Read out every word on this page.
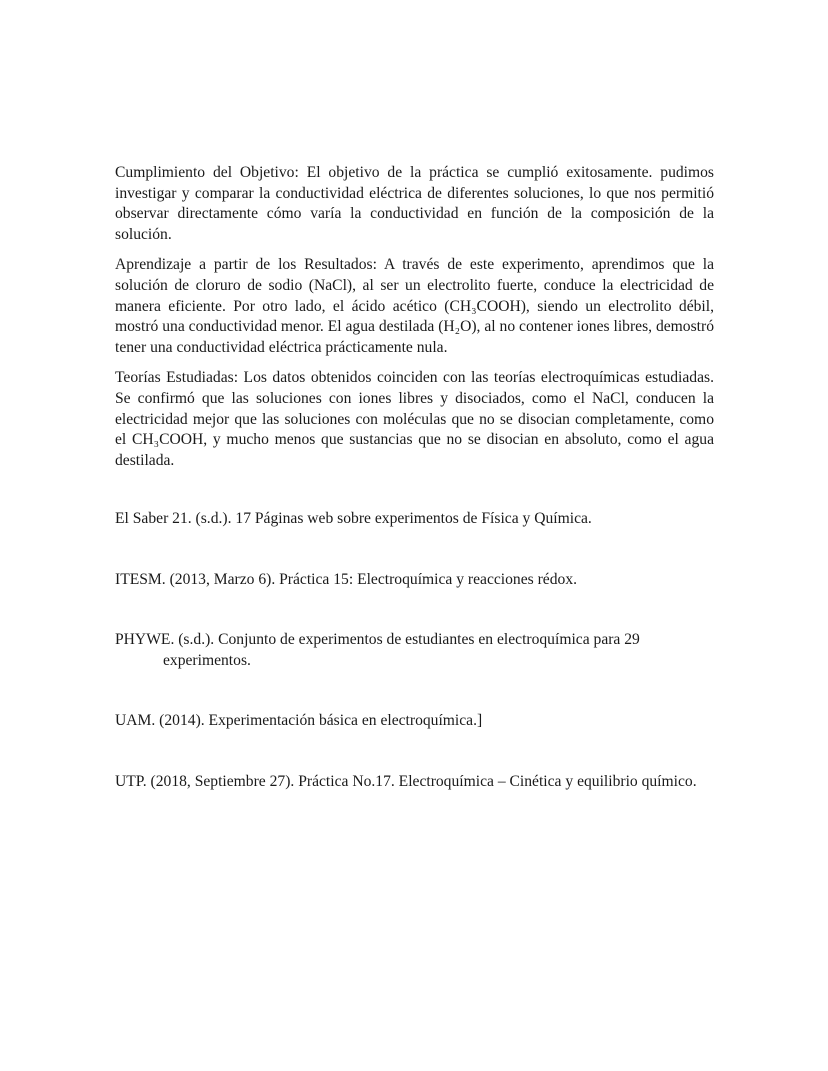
Cumplimiento del Objetivo: El objetivo de la práctica se cumplió exitosamente. pudimos investigar y comparar la conductividad eléctrica de diferentes soluciones, lo que nos permitió observar directamente cómo varía la conductividad en función de la composición de la solución.

Aprendizaje a partir de los Resultados: A través de este experimento, aprendimos que la solución de cloruro de sodio (NaCl), al ser un electrolito fuerte, conduce la electricidad de manera eficiente. Por otro lado, el ácido acético (CH₃COOH), siendo un electrolito débil, mostró una conductividad menor. El agua destilada (H₂O), al no contener iones libres, demostró tener una conductividad eléctrica prácticamente nula.

Teorías Estudiadas: Los datos obtenidos coinciden con las teorías electroquímicas estudiadas. Se confirmó que las soluciones con iones libres y disociados, como el NaCl, conducen la electricidad mejor que las soluciones con moléculas que no se disocian completamente, como el CH₃COOH, y mucho menos que sustancias que no se disocian en absoluto, como el agua destilada.

El Saber 21. (s.d.). 17 Páginas web sobre experimentos de Física y Química.

ITESM. (2013, Marzo 6). Práctica 15: Electroquímica y reacciones rédox.

PHYWE. (s.d.). Conjunto de experimentos de estudiantes en electroquímica para 29 experimentos.

UAM. (2014). Experimentación básica en electroquímica.]

UTP. (2018, Septiembre 27). Práctica No.17. Electroquímica – Cinética y equilibrio químico.
